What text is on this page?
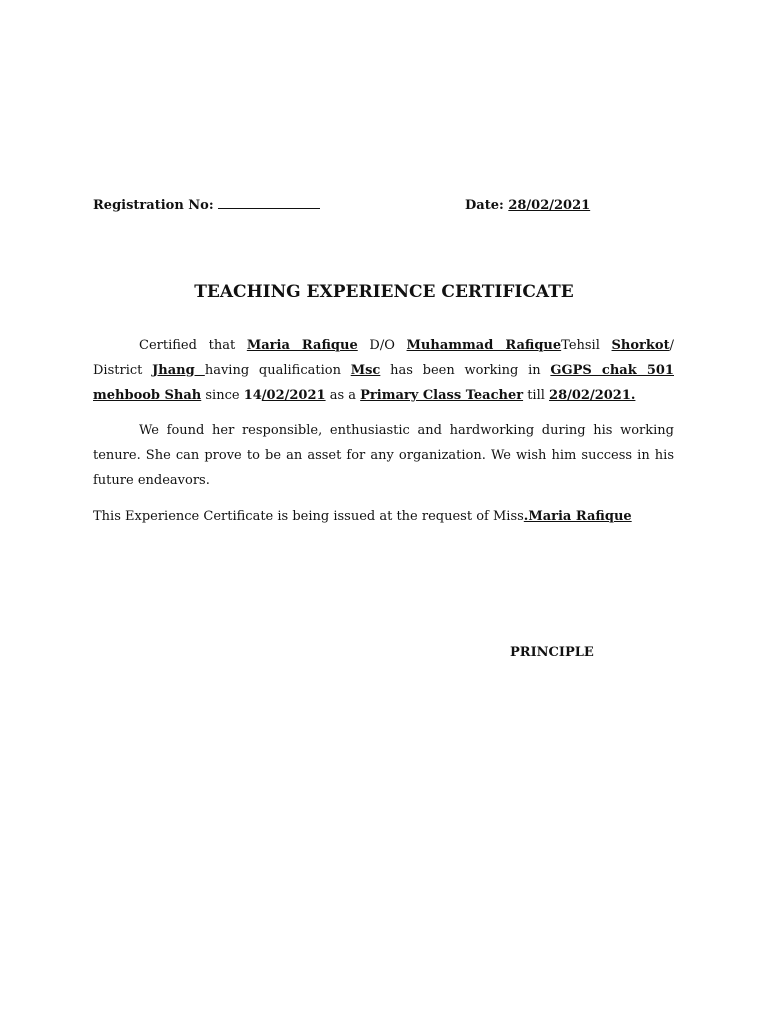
Registration No:	Date: 28/02/2021
TEACHING EXPERIENCE CERTIFICATE
Certified that Maria Rafique D/O Muhammad RafiqueTehsil Shorkot/ District Jhang having qualification Msc has been working in GGPS chak 501 mehboob Shah since 14/02/2021 as a Primary Class Teacher till 28/02/2021.
We found her responsible, enthusiastic and hardworking during his working tenure. She can prove to be an asset for any organization. We wish him success in his future endeavors.
This Experience Certificate is being issued at the request of Miss.Maria Rafique
PRINCIPLE
